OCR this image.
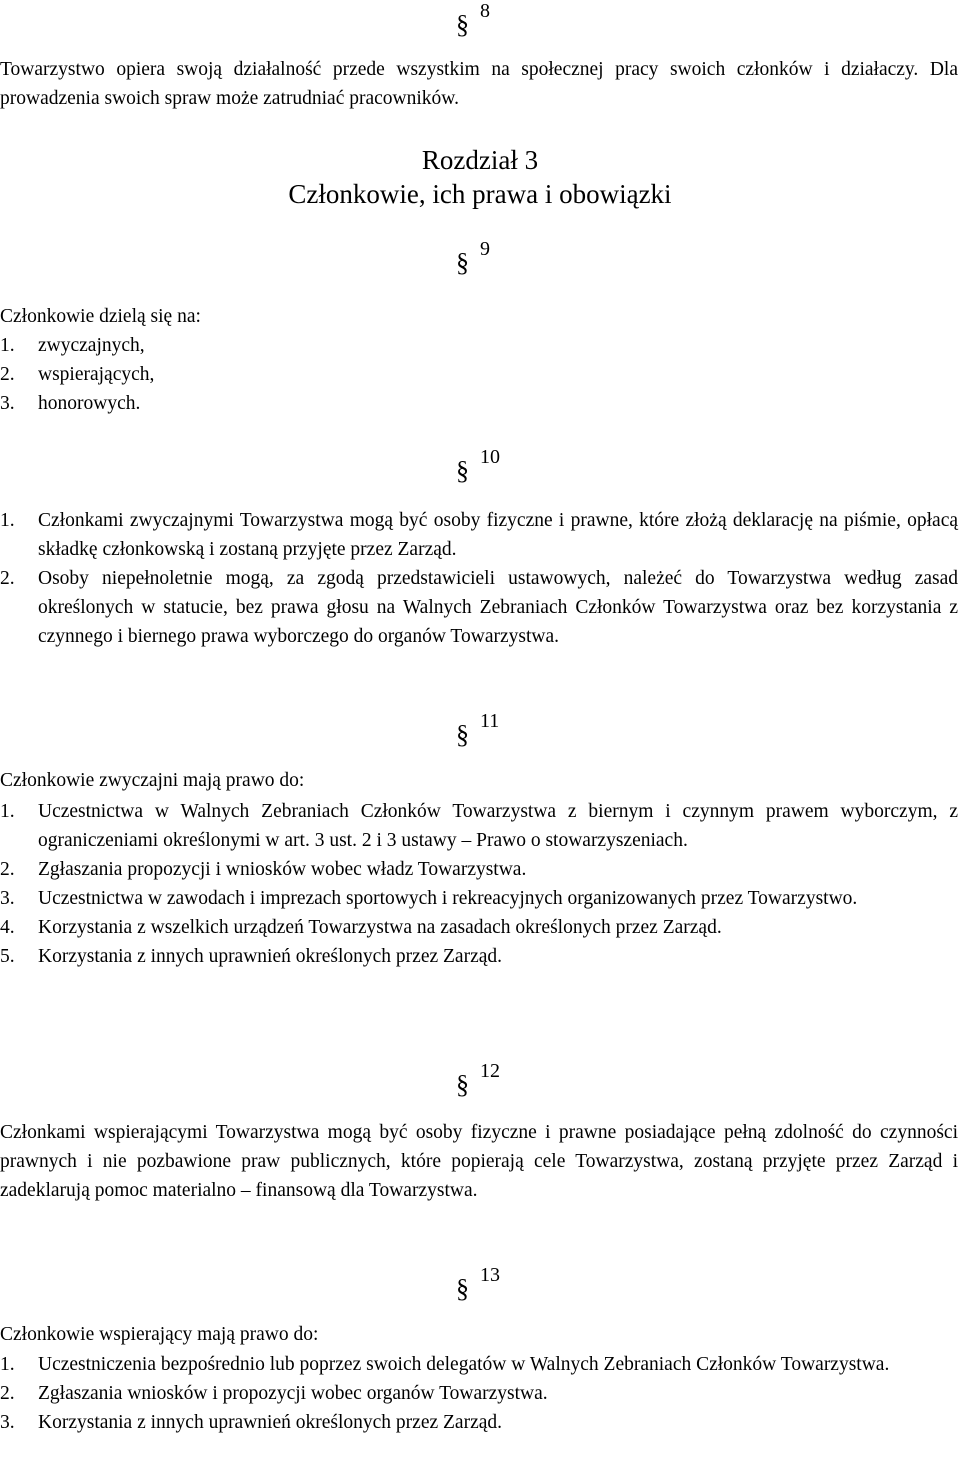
§ 8

Towarzystwo opiera swoją działalność przede wszystkim na społecznej pracy swoich członków i działaczy. Dla prowadzenia swoich spraw może zatrudniać pracowników.

Rozdział 3
Członkowie, ich prawa i obowiązki
§ 9
Członkowie dzielą się na:
1. zwyczajnych,
2. wspierających,
3. honorowych.
§ 10
1. Członkami zwyczajnymi Towarzystwa mogą być osoby fizyczne i prawne, które złożą deklarację na piśmie, opłacą składkę członkowską i zostaną przyjęte przez Zarząd.
2. Osoby niepełnoletnie mogą, za zgodą przedstawicieli ustawowych, należeć do Towarzystwa według zasad określonych w statucie, bez prawa głosu na Walnych Zebraniach Członków Towarzystwa oraz bez korzystania z czynnego i biernego prawa wyborczego do organów Towarzystwa.
§ 11
Członkowie zwyczajni mają prawo do:
1. Uczestnictwa w Walnych Zebraniach Członków Towarzystwa z biernym i czynnym prawem wyborczym, z ograniczeniami określonymi w art. 3 ust. 2 i 3 ustawy – Prawo o stowarzyszeniach.
2. Zgłaszania propozycji i wniosków wobec władz Towarzystwa.
3. Uczestnictwa w zawodach i imprezach sportowych i rekreacyjnych organizowanych przez Towarzystwo.
4. Korzystania z wszelkich urządzeń Towarzystwa na zasadach określonych przez Zarząd.
5. Korzystania z innych uprawnień określonych przez Zarząd.
§ 12

Członkami wspierającymi Towarzystwa mogą być osoby fizyczne i prawne posiadające pełną zdolność do czynności prawnych i nie pozbawione praw publicznych, które popierają cele Towarzystwa, zostaną przyjęte przez Zarząd i zadeklarują pomoc materialno – finansową dla Towarzystwa.

§ 13
Członkowie wspierający mają prawo do:
1. Uczestniczenia bezpośrednio lub poprzez swoich delegatów w Walnych Zebraniach Członków Towarzystwa.
2. Zgłaszania wniosków i propozycji wobec organów Towarzystwa.
3. Korzystania z innych uprawnień określonych przez Zarząd.
